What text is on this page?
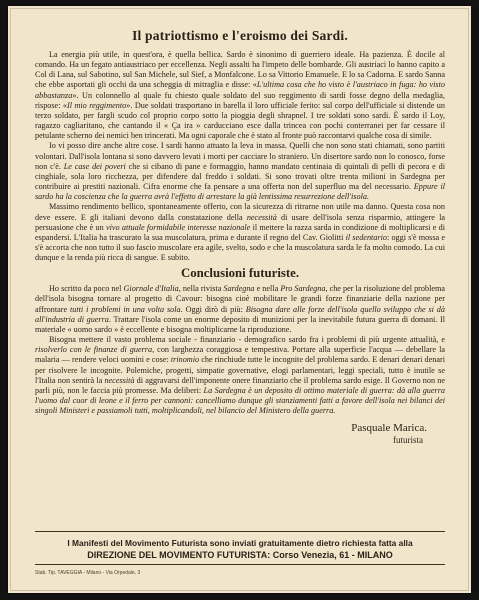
Il patriottismo e l'eroismo dei Sardi.

La energia più utile, in quest'ora, è quella bellica. Sardo è sinonimo di guerriero ideale. Ha pazienza. È docile al comando. Ha un fegato antiaustriaco per eccellenza. Negli assalti ha l'impeto delle bombarde. Gli austriaci lo hanno capito a Col di Lana, sul Sabotino, sul San Michele, sul Sief, a Monfalcone. Lo sa Vittorio Emanuele. E lo sa Cadorna. E sardo Sanna che ebbe asportati gli occhi da una scheggia di mitraglia e disse: «L'ultima cosa che ho visto è l'austriaco in fuga: ho visto abbastanza». Un colonnello al quale fu chiesto quale soldato del suo reggimento di sardi fosse degno della medaglia, rispose: «Il mio reggimento». Due soldati trasportano in barella il loro ufficiale ferito: sul corpo dell'ufficiale si distende un terzo soldato, per fargli scudo col proprio corpo sotto la pioggia degli shrapnel. I tre soldati sono sardi. È sardo il Loy, ragazzo cagliaritano, che cantando il « Ça ira » carducciano esce dalla trincea con pochi conterranei per far cessare il petulante scherno dei nemici ben trincerati. Ma ogni caporale che è stato al fronte può raccontarvi qualche cosa di simile.

Io vi posso dire anche altre cose. I sardi hanno attuato la leva in massa. Quelli che non sono stati chiamati, sono partiti volontari. Dall'isola lontana si sono davvero levati i morti per cacciare lo straniero. Un disertore sardo non lo conosco, forse non c'è. Le case dei poveri che si cibano di pane e formaggio, hanno mandato centinaia di quintali di pelli di pecora e di cinghiale, sola loro ricchezza, per difendere dal freddo i soldati. Si sono trovati oltre trenta milioni in Sardegna per contribuire ai prestiti nazionali. Cifra enorme che fa pensare a una offerta non del superfluo ma del necessario. Eppure il sardo ha la coscienza che la guerra avrà l'effetto di arrestare la già lentissima resurrezione dell'isola.

Massimo rendimento bellico, spontaneamente offerto, con la sicurezza di ritrarne non utile ma danno. Questa cosa non deve essere. E gli italiani devono dalla constatazione della necessità di usare dell'isola senza risparmio, attingere la persuasione che è un vivo attuale formidabile interesse nazionale il mettere la razza sarda in condizione di moltiplicarsi e di espandersi. L'Italia ha trascurato la sua muscolatura, prima e durante il regno del Cav. Giolitti il sedentario: oggi s'è mossa e s'è accorta che non tutto il suo fascio muscolare era agile, svelto, sodo e che la muscolatura sarda le fa molto comodo. La cui dunque e la renda più ricca di sangue. E subito.

Conclusioni futuriste.

Ho scritto da poco nel Giornale d'Italia, nella rivista Sardegna e nella Pro Sardegna, che per la risoluzione del problema dell'isola bisogna tornare al progetto di Cavour: bisogna cioè mobilitare le grandi forze finanziarie della nazione per affrontare tutti i problemi in una volta sola. Oggi dirò di più: Bisogna dare alle forze dell'isola quello sviluppo che si dà all'industria di guerra. Trattare l'isola come un enorme deposito di munizioni per la inevitabile futura guerra di domani. Il materiale « uomo sardo » è eccellente e bisogna moltiplicarne la riproduzione.

Bisogna mettere il vasto problema sociale - finanziario - demografico sardo fra i problemi di più urgente attualità, e risolverlo con le finanze di guerra, con larghezza coraggiosa e tempestiva. Portare alla superficie l'acqua — debellare la malaria — rendere veloci uomini e cose: trinomio che rinchiude tutte le incognite del problema sardo. E denari denari denari per risolvere le incognite. Polemiche, progetti, simpatie governative, elogi parlamentari, leggi speciali, tutto è inutile se l'Italia non sentirà la necessità di aggravarsi dell'imponente onere finanziario che il problema sardo esige. Il Governo non ne parli più, non le faccia più promesse. Ma deliberi: La Sardegna è un deposito di ottimo materiale di guerra: dà alla guerra l'uomo dal cuor di leone e il ferro per cannoni: cancelliamo dunque gli stanziamenti fatti a favore dell'isola nei bilanci dei singoli Ministeri e passiamoli tutti, moltiplicandoli, nel bilancio del Ministero della guerra.

Pasquale Marica.
futurista
I Manifesti del Movimento Futurista sono inviati gratuitamente dietro richiesta fatta alla
DIREZIONE DEL MOVIMENTO FUTURISTA: Corso Venezia, 61 - MILANO
Stab. Tip. TAVEGGIA - Milano - Via Orpedale, 3
